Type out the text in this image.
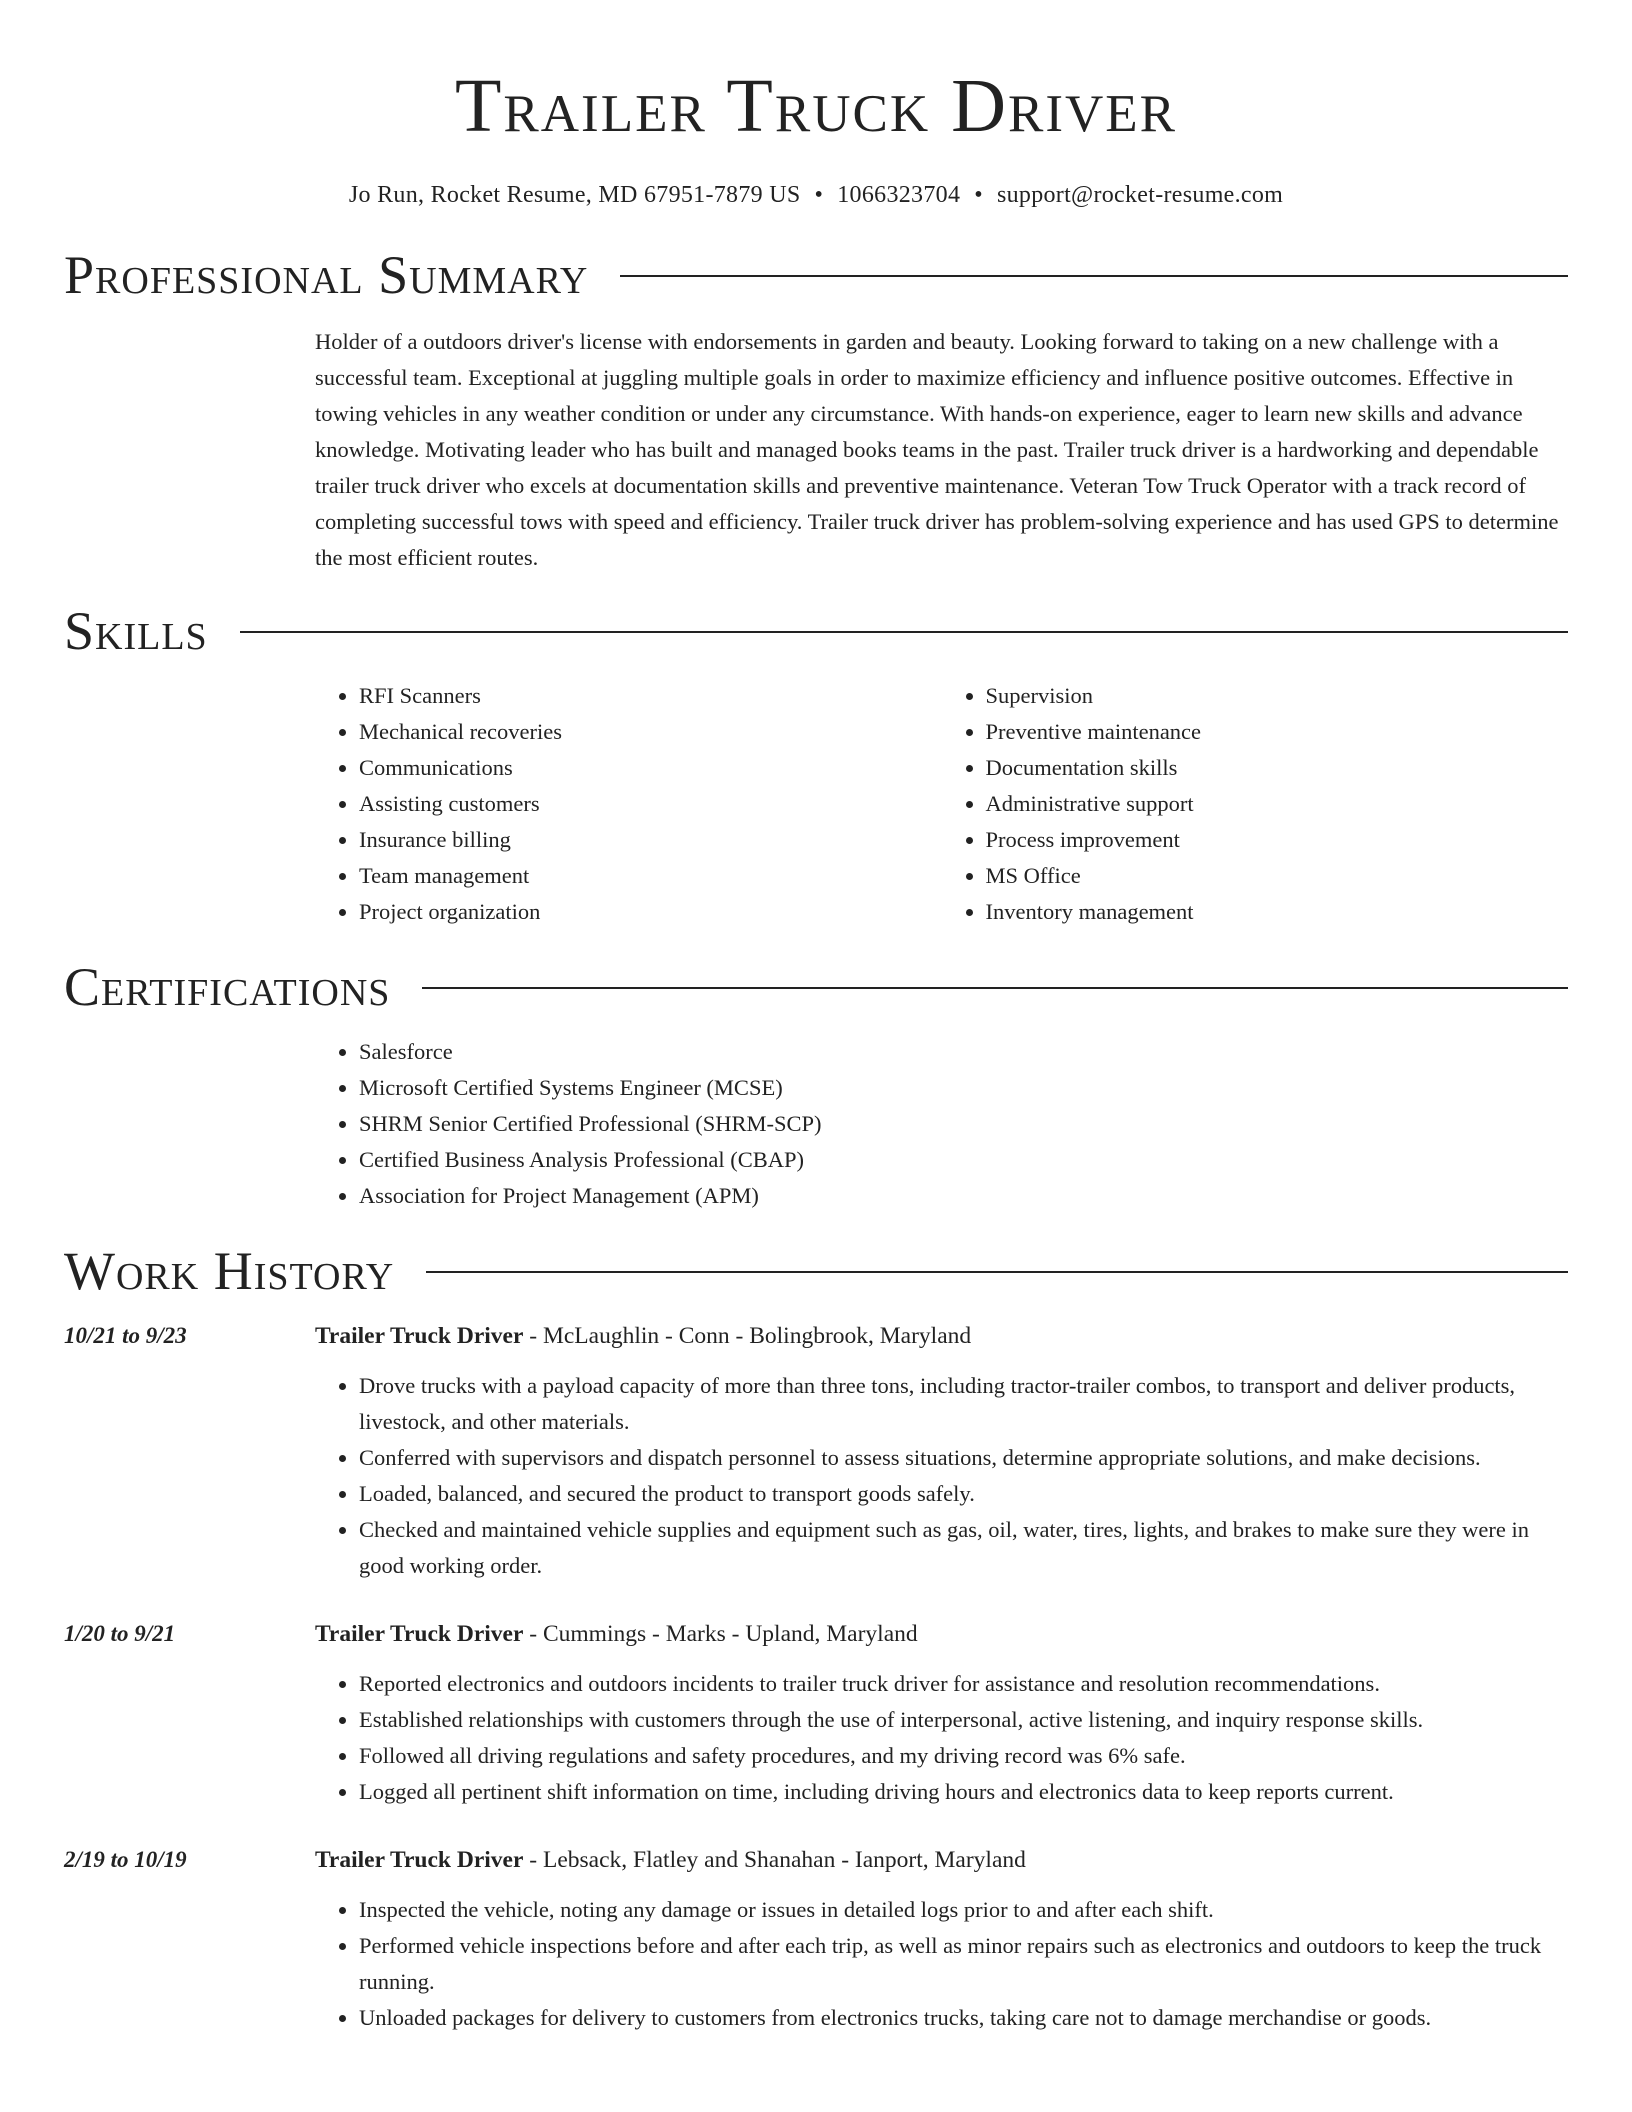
Trailer Truck Driver
Jo Run, Rocket Resume, MD 67951-7879 US • 1066323704 • support@rocket-resume.com
Professional Summary
Holder of a outdoors driver's license with endorsements in garden and beauty. Looking forward to taking on a new challenge with a successful team. Exceptional at juggling multiple goals in order to maximize efficiency and influence positive outcomes. Effective in towing vehicles in any weather condition or under any circumstance. With hands-on experience, eager to learn new skills and advance knowledge. Motivating leader who has built and managed books teams in the past. Trailer truck driver is a hardworking and dependable trailer truck driver who excels at documentation skills and preventive maintenance. Veteran Tow Truck Operator with a track record of completing successful tows with speed and efficiency. Trailer truck driver has problem-solving experience and has used GPS to determine the most efficient routes.
Skills
• RFI Scanners
• Mechanical recoveries
• Communications
• Assisting customers
• Insurance billing
• Team management
• Project organization
• Supervision
• Preventive maintenance
• Documentation skills
• Administrative support
• Process improvement
• MS Office
• Inventory management
Certifications
• Salesforce
• Microsoft Certified Systems Engineer (MCSE)
• SHRM Senior Certified Professional (SHRM-SCP)
• Certified Business Analysis Professional (CBAP)
• Association for Project Management (APM)
Work History
10/21 to 9/23	Trailer Truck Driver - McLaughlin - Conn - Bolingbrook, Maryland
• Drove trucks with a payload capacity of more than three tons, including tractor-trailer combos, to transport and deliver products, livestock, and other materials.
• Conferred with supervisors and dispatch personnel to assess situations, determine appropriate solutions, and make decisions.
• Loaded, balanced, and secured the product to transport goods safely.
• Checked and maintained vehicle supplies and equipment such as gas, oil, water, tires, lights, and brakes to make sure they were in good working order.
1/20 to 9/21	Trailer Truck Driver - Cummings - Marks - Upland, Maryland
• Reported electronics and outdoors incidents to trailer truck driver for assistance and resolution recommendations.
• Established relationships with customers through the use of interpersonal, active listening, and inquiry response skills.
• Followed all driving regulations and safety procedures, and my driving record was 6% safe.
• Logged all pertinent shift information on time, including driving hours and electronics data to keep reports current.
2/19 to 10/19	Trailer Truck Driver - Lebsack, Flatley and Shanahan - Ianport, Maryland
• Inspected the vehicle, noting any damage or issues in detailed logs prior to and after each shift.
• Performed vehicle inspections before and after each trip, as well as minor repairs such as electronics and outdoors to keep the truck running.
• Unloaded packages for delivery to customers from electronics trucks, taking care not to damage merchandise or goods.
